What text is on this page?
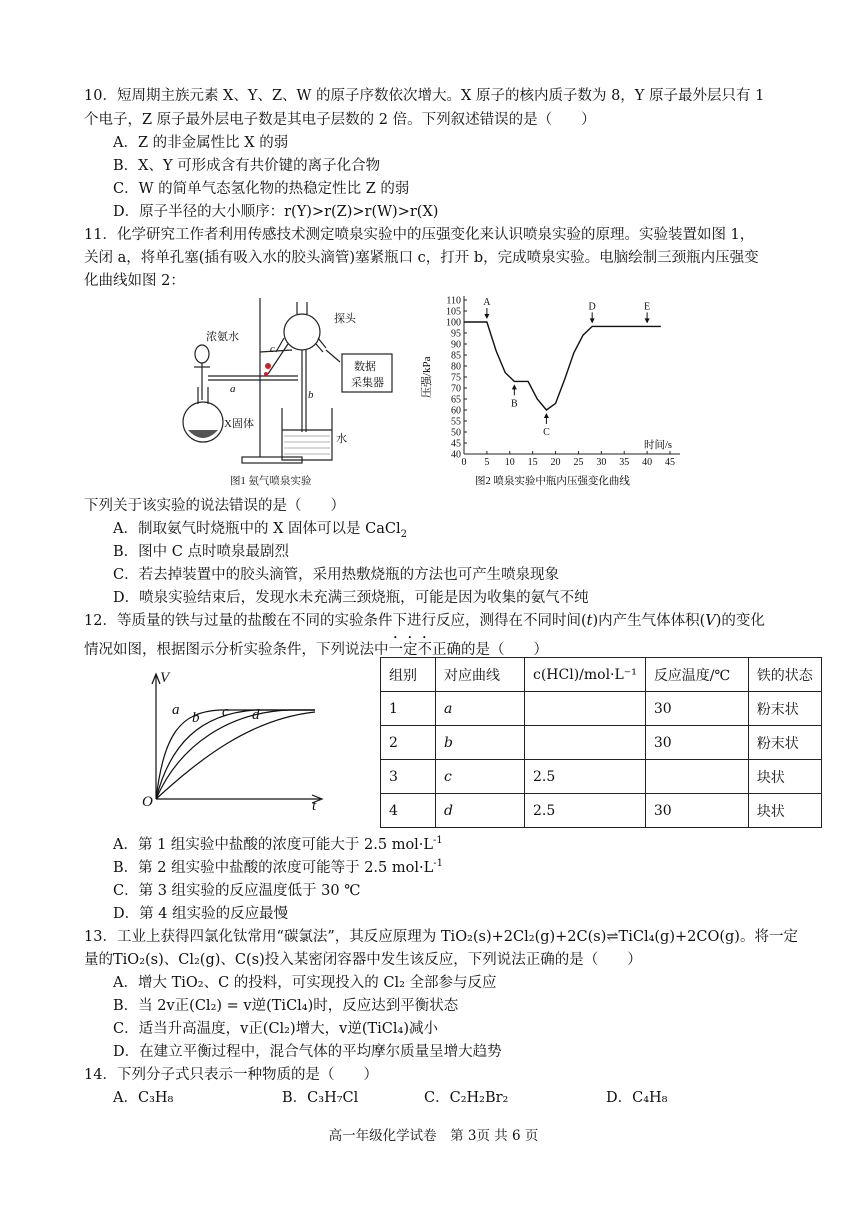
10．短周期主族元素 X、Y、Z、W 的原子序数依次增大。X 原子的核内质子数为 8，Y 原子最外层只有 1
个电子，Z 原子最外层电子数是其电子层数的 2 倍。下列叙述错误的是（　　）
A．Z 的非金属性比 X 的弱
B．X、Y 可形成含有共价键的离子化合物
C．W 的简单气态氢化物的热稳定性比 Z 的弱
D．原子半径的大小顺序：r(Y)>r(Z)>r(W)>r(X)
11．化学研究工作者利用传感技术测定喷泉实验中的压强变化来认识喷泉实验的原理。实验装置如图 1，
关闭 a，将单孔塞(插有吸入水的胶头滴管)塞紧瓶口 c，打开 b，完成喷泉实验。电脑绘制三颈瓶内压强变
化曲线如图 2：
浓氨水
探头
数据
采集器
X固体
水
a	b
c
图1 氨气喷泉实验
40
45
50
55
60
65
70
75
80
85
90
95
100
105
110
0 5 10 15 20 25 30 35 40 45
A
B
C
D	E
压强/kPa
时间/s
图2 喷泉实验中瓶内压强变化曲线
下列关于该实验的说法错误的是（　　）
A．制取氨气时烧瓶中的 X 固体可以是 CaCl$_2$
B．图中 C 点时喷泉最剧烈
C．若去掉装置中的胶头滴管，采用热敷烧瓶的方法也可产生喷泉现象
D．喷泉实验结束后，发现水未充满三颈烧瓶，可能是因为收集的氨气不纯
12．等质量的铁与过量的盐酸在不同的实验条件下进行反应，测得在不同时间(t)内产生气体体积(V)的变化
情况如图，根据图示分析实验条件，下列说法中一定不正确的是（　　）
V
t
O
a b c d
组别	对应曲线	c(HCl)/mol·L⁻¹	反应温度/℃	铁的状态
1	a		30	粉末状
2	b		30	粉末状
3	c	2.5		块状
4	d	2.5	30	块状
A．第 1 组实验中盐酸的浓度可能大于 2.5 $mol\cdot L^{-1}$
B．第 2 组实验中盐酸的浓度可能等于 2.5 $mol\cdot L^{-1}$
C．第 3 组实验的反应温度低于 30 ℃
D．第 4 组实验的反应最慢
13．工业上获得四氯化钛常用“碳氯法”，其反应原理为 TiO₂(s)+2Cl₂(g)+2C(s)⇌TiCl₄(g)+2CO(g)。将一定
量的TiO₂(s)、Cl₂(g)、C(s)投入某密闭容器中发生该反应，下列说法正确的是（　　）
A．增大 TiO₂、C 的投料，可实现投入的 Cl₂ 全部参与反应
B．当 2v正(Cl₂) = v逆(TiCl₄)时，反应达到平衡状态
C．适当升高温度，v正(Cl₂)增大，v逆(TiCl₄)减小
D．在建立平衡过程中，混合气体的平均摩尔质量呈增大趋势
14．下列分子式只表示一种物质的是（　　）
A．C₃H₈	B．C₃H₇Cl	C．C₂H₂Br₂	D．C₄H₈
高一年级化学试卷　第 3页 共 6 页
